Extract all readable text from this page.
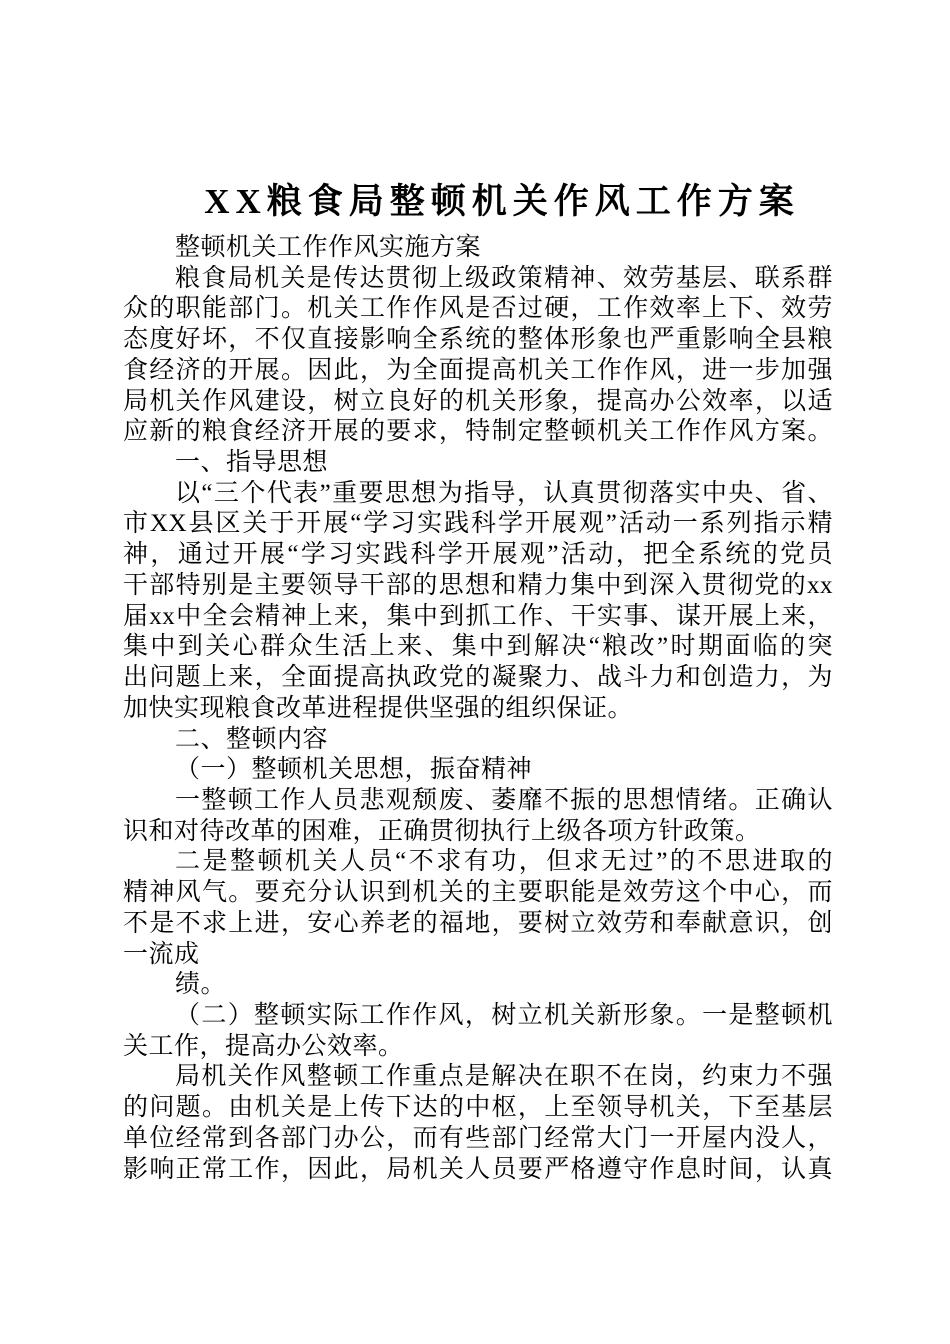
XX粮食局整顿机关作风工作方案
整顿机关工作作风实施方案
粮食局机关是传达贯彻上级政策精神、效劳基层、联系群
众的职能部门。机关工作作风是否过硬，工作效率上下、效劳
态度好坏，不仅直接影响全系统的整体形象也严重影响全县粮
食经济的开展。因此，为全面提高机关工作作风，进一步加强
局机关作风建设，树立良好的机关形象，提高办公效率，以适
应新的粮食经济开展的要求，特制定整顿机关工作作风方案。
一、指导思想
以“三个代表”重要思想为指导，认真贯彻落实中央、省、
市XX县区关于开展“学习实践科学开展观”活动一系列指示精
神，通过开展“学习实践科学开展观”活动，把全系统的党员
干部特别是主要领导干部的思想和精力集中到深入贯彻党的xx
届xx中全会精神上来，集中到抓工作、干实事、谋开展上来，
集中到关心群众生活上来、集中到解决“粮改”时期面临的突
出问题上来，全面提高执政党的凝聚力、战斗力和创造力，为
加快实现粮食改革进程提供坚强的组织保证。
二、整顿内容
（一）整顿机关思想，振奋精神
一整顿工作人员悲观颓废、萎靡不振的思想情绪。正确认
识和对待改革的困难，正确贯彻执行上级各项方针政策。
二是整顿机关人员“不求有功，但求无过”的不思进取的
精神风气。要充分认识到机关的主要职能是效劳这个中心，而
不是不求上进，安心养老的福地，要树立效劳和奉献意识，创
一流成
绩。
（二）整顿实际工作作风，树立机关新形象。一是整顿机
关工作，提高办公效率。
局机关作风整顿工作重点是解决在职不在岗，约束力不强
的问题。由机关是上传下达的中枢，上至领导机关，下至基层
单位经常到各部门办公，而有些部门经常大门一开屋内没人，
影响正常工作，因此，局机关人员要严格遵守作息时间，认真
